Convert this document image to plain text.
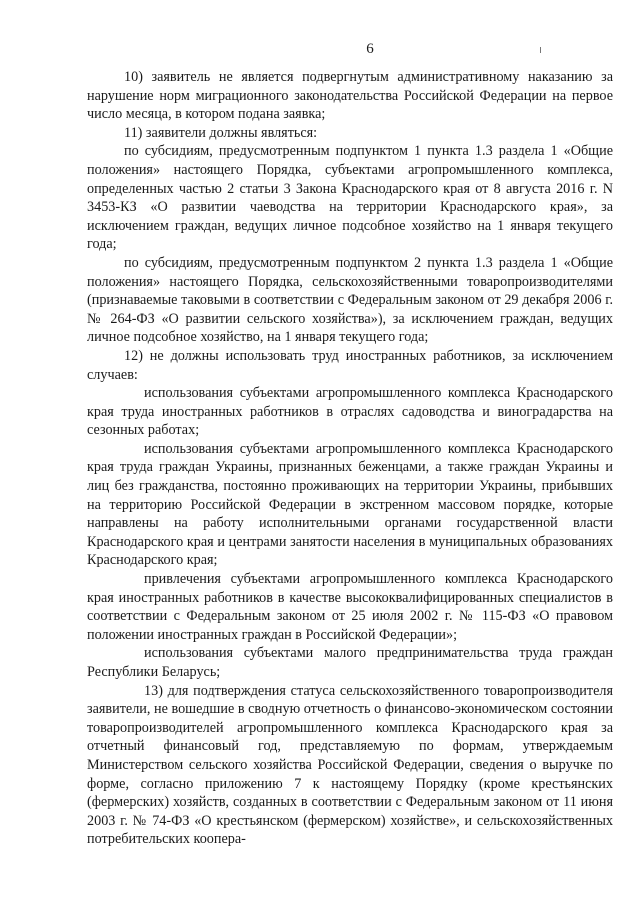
6

10) заявитель не является подвергнутым административному наказанию за нарушение норм миграционного законодательства Российской Федерации на первое число месяца, в котором подана заявка;

11) заявители должны являться:

по субсидиям, предусмотренным подпунктом 1 пункта 1.3 раздела 1 «Общие положения» настоящего Порядка, субъектами агропромышленного комплекса, определенных частью 2 статьи 3 Закона Краснодарского края от 8 августа 2016 г. N 3453-КЗ «О развитии чаеводства на территории Краснодарского края», за исключением граждан, ведущих личное подсобное хозяйство на 1 января текущего года;

по субсидиям, предусмотренным подпунктом 2 пункта 1.3 раздела 1 «Общие положения» настоящего Порядка, сельскохозяйственными товаропроизводителями (признаваемые таковыми в соответствии с Федеральным законом от 29 декабря 2006 г. № 264-ФЗ «О развитии сельского хозяйства»), за исключением граждан, ведущих личное подсобное хозяйство, на 1 января текущего года;

12) не должны использовать труд иностранных работников, за исключением случаев:

использования субъектами агропромышленного комплекса Краснодарского края труда иностранных работников в отраслях садоводства и виноградарства на сезонных работах;

использования субъектами агропромышленного комплекса Краснодарского края труда граждан Украины, признанных беженцами, а также граждан Украины и лиц без гражданства, постоянно проживающих на территории Украины, прибывших на территорию Российской Федерации в экстренном массовом порядке, которые направлены на работу исполнительными органами государственной власти Краснодарского края и центрами занятости населения в муниципальных образованиях Краснодарского края;

привлечения субъектами агропромышленного комплекса Краснодарского края иностранных работников в качестве высококвалифицированных специалистов в соответствии с Федеральным законом от 25 июля 2002 г. № 115-ФЗ «О правовом положении иностранных граждан в Российской Федерации»;

использования субъектами малого предпринимательства труда граждан Республики Беларусь;

13) для подтверждения статуса сельскохозяйственного товаропроизводителя заявители, не вошедшие в сводную отчетность о финансово-экономическом состоянии товаропроизводителей агропромышленного комплекса Краснодарского края за отчетный финансовый год, представляемую по формам, утверждаемым Министерством сельского хозяйства Российской Федерации, сведения о выручке по форме, согласно приложению 7 к настоящему Порядку (кроме крестьянских (фермерских) хозяйств, созданных в соответствии с Федеральным законом от 11 июня 2003 г. № 74-ФЗ «О крестьянском (фермерском) хозяйстве», и сельскохозяйственных потребительских коопера-
